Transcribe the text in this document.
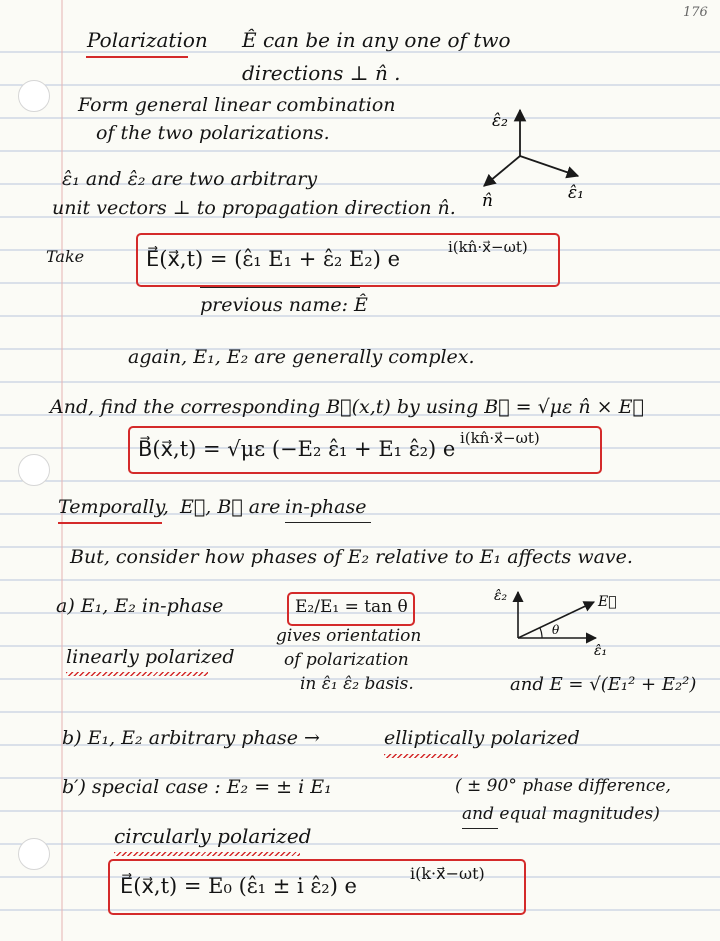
176
Polarization Ê can be in any one of two
directions ⊥ n̂ .
Form general linear combination
of the two polarizations.
ε̂₂
ε̂₁
n̂
ε̂₁ and ε̂₂ are two arbitrary
unit vectors ⊥ to propagation direction n̂.
Take	E⃗(x⃗,t) = (ε̂₁ E₁ + ε̂₂ E₂) e	i(kn̂·x⃗−ωt)
previous name: Ê
again, E₁, E₂ are generally complex.
And, find the corresponding B⃗(x,t) by using B⃗ = √με n̂ × E⃗
B⃗(x⃗,t) = √με (−E₂ ε̂₁ + E₁ ε̂₂) e i(kn̂·x⃗−ωt)
Temporally, E⃗, B⃗ are in-phase
But, consider how phases of E₂ relative to E₁ affects wave.
a) E₁, E₂ in-phase	E₂/E₁ = tan θ
linearly polarized
gives orientation
of polarization
in ε̂₁ ε̂₂ basis.
ε̂₂
ε̂₁
E⃗
θ
and E = √(E₁² + E₂²)
b) E₁, E₂ arbitrary phase →	elliptically polarized
b′) special case : E₂ = ± i E₁	( ± 90° phase difference,
and equal magnitudes)
circularly polarized
E⃗(x⃗,t) = E₀ (ε̂₁ ± i ε̂₂) e
i(k·x⃗−ωt)
